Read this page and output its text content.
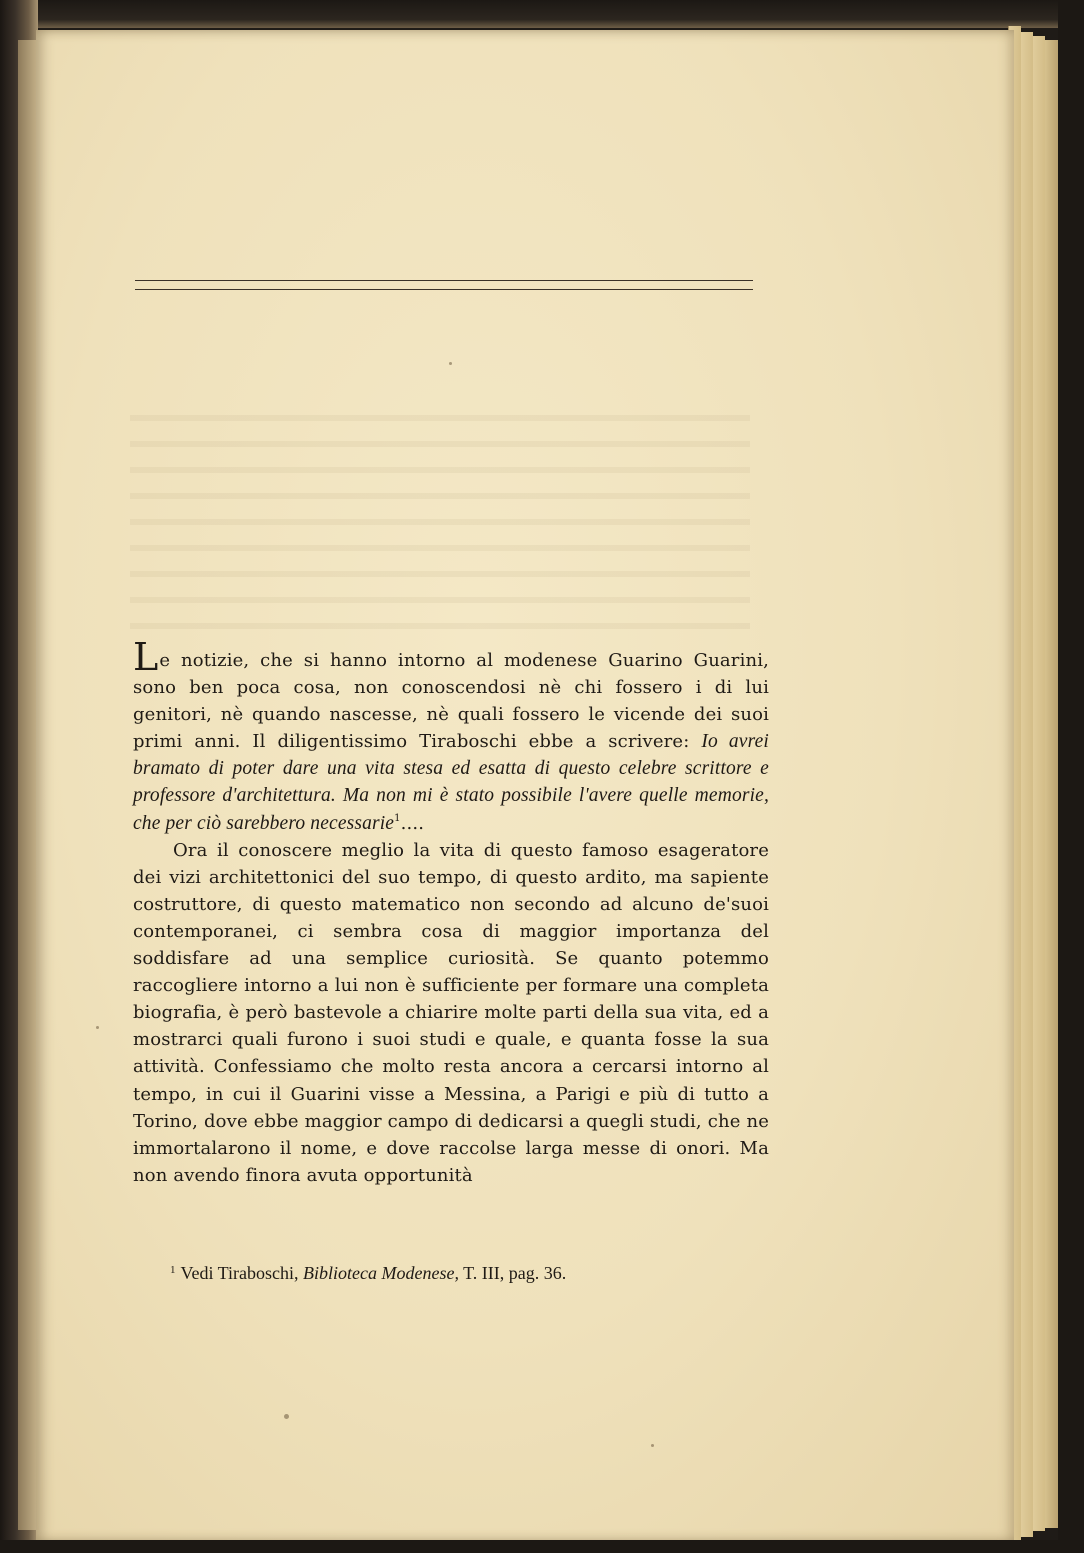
Le notizie, che si hanno intorno al modenese Guarino Guarini, sono ben poca cosa, non conoscendosi nè chi fossero i di lui genitori, nè quando nascesse, nè quali fossero le vicende dei suoi primi anni. Il diligentissimo Tiraboschi ebbe a scrivere: Io avrei bramato di poter dare una vita stesa ed esatta di questo celebre scrittore e professore d'architettura. Ma non mi è stato possibile l'avere quelle memorie, che per ciò sarebbero necessarie$^1$....

Ora il conoscere meglio la vita di questo famoso esageratore dei vizi architettonici del suo tempo, di questo ardito, ma sapiente costruttore, di questo matematico non secondo ad alcuno de'suoi contemporanei, ci sembra cosa di maggior importanza del soddisfare ad una semplice curiosità. Se quanto potemmo raccogliere intorno a lui non è sufficiente per formare una completa biografia, è però bastevole a chiarire molte parti della sua vita, ed a mostrarci quali furono i suoi studi e quale, e quanta fosse la sua attività. Confessiamo che molto resta ancora a cercarsi intorno al tempo, in cui il Guarini visse a Messina, a Parigi e più di tutto a Torino, dove ebbe maggior campo di dedicarsi a quegli studi, che ne immortalarono il nome, e dove raccolse larga messe di onori. Ma non avendo finora avuta opportunità

$^1$ Vedi Tiraboschi, Biblioteca Modenese, T. III, pag. 36.
